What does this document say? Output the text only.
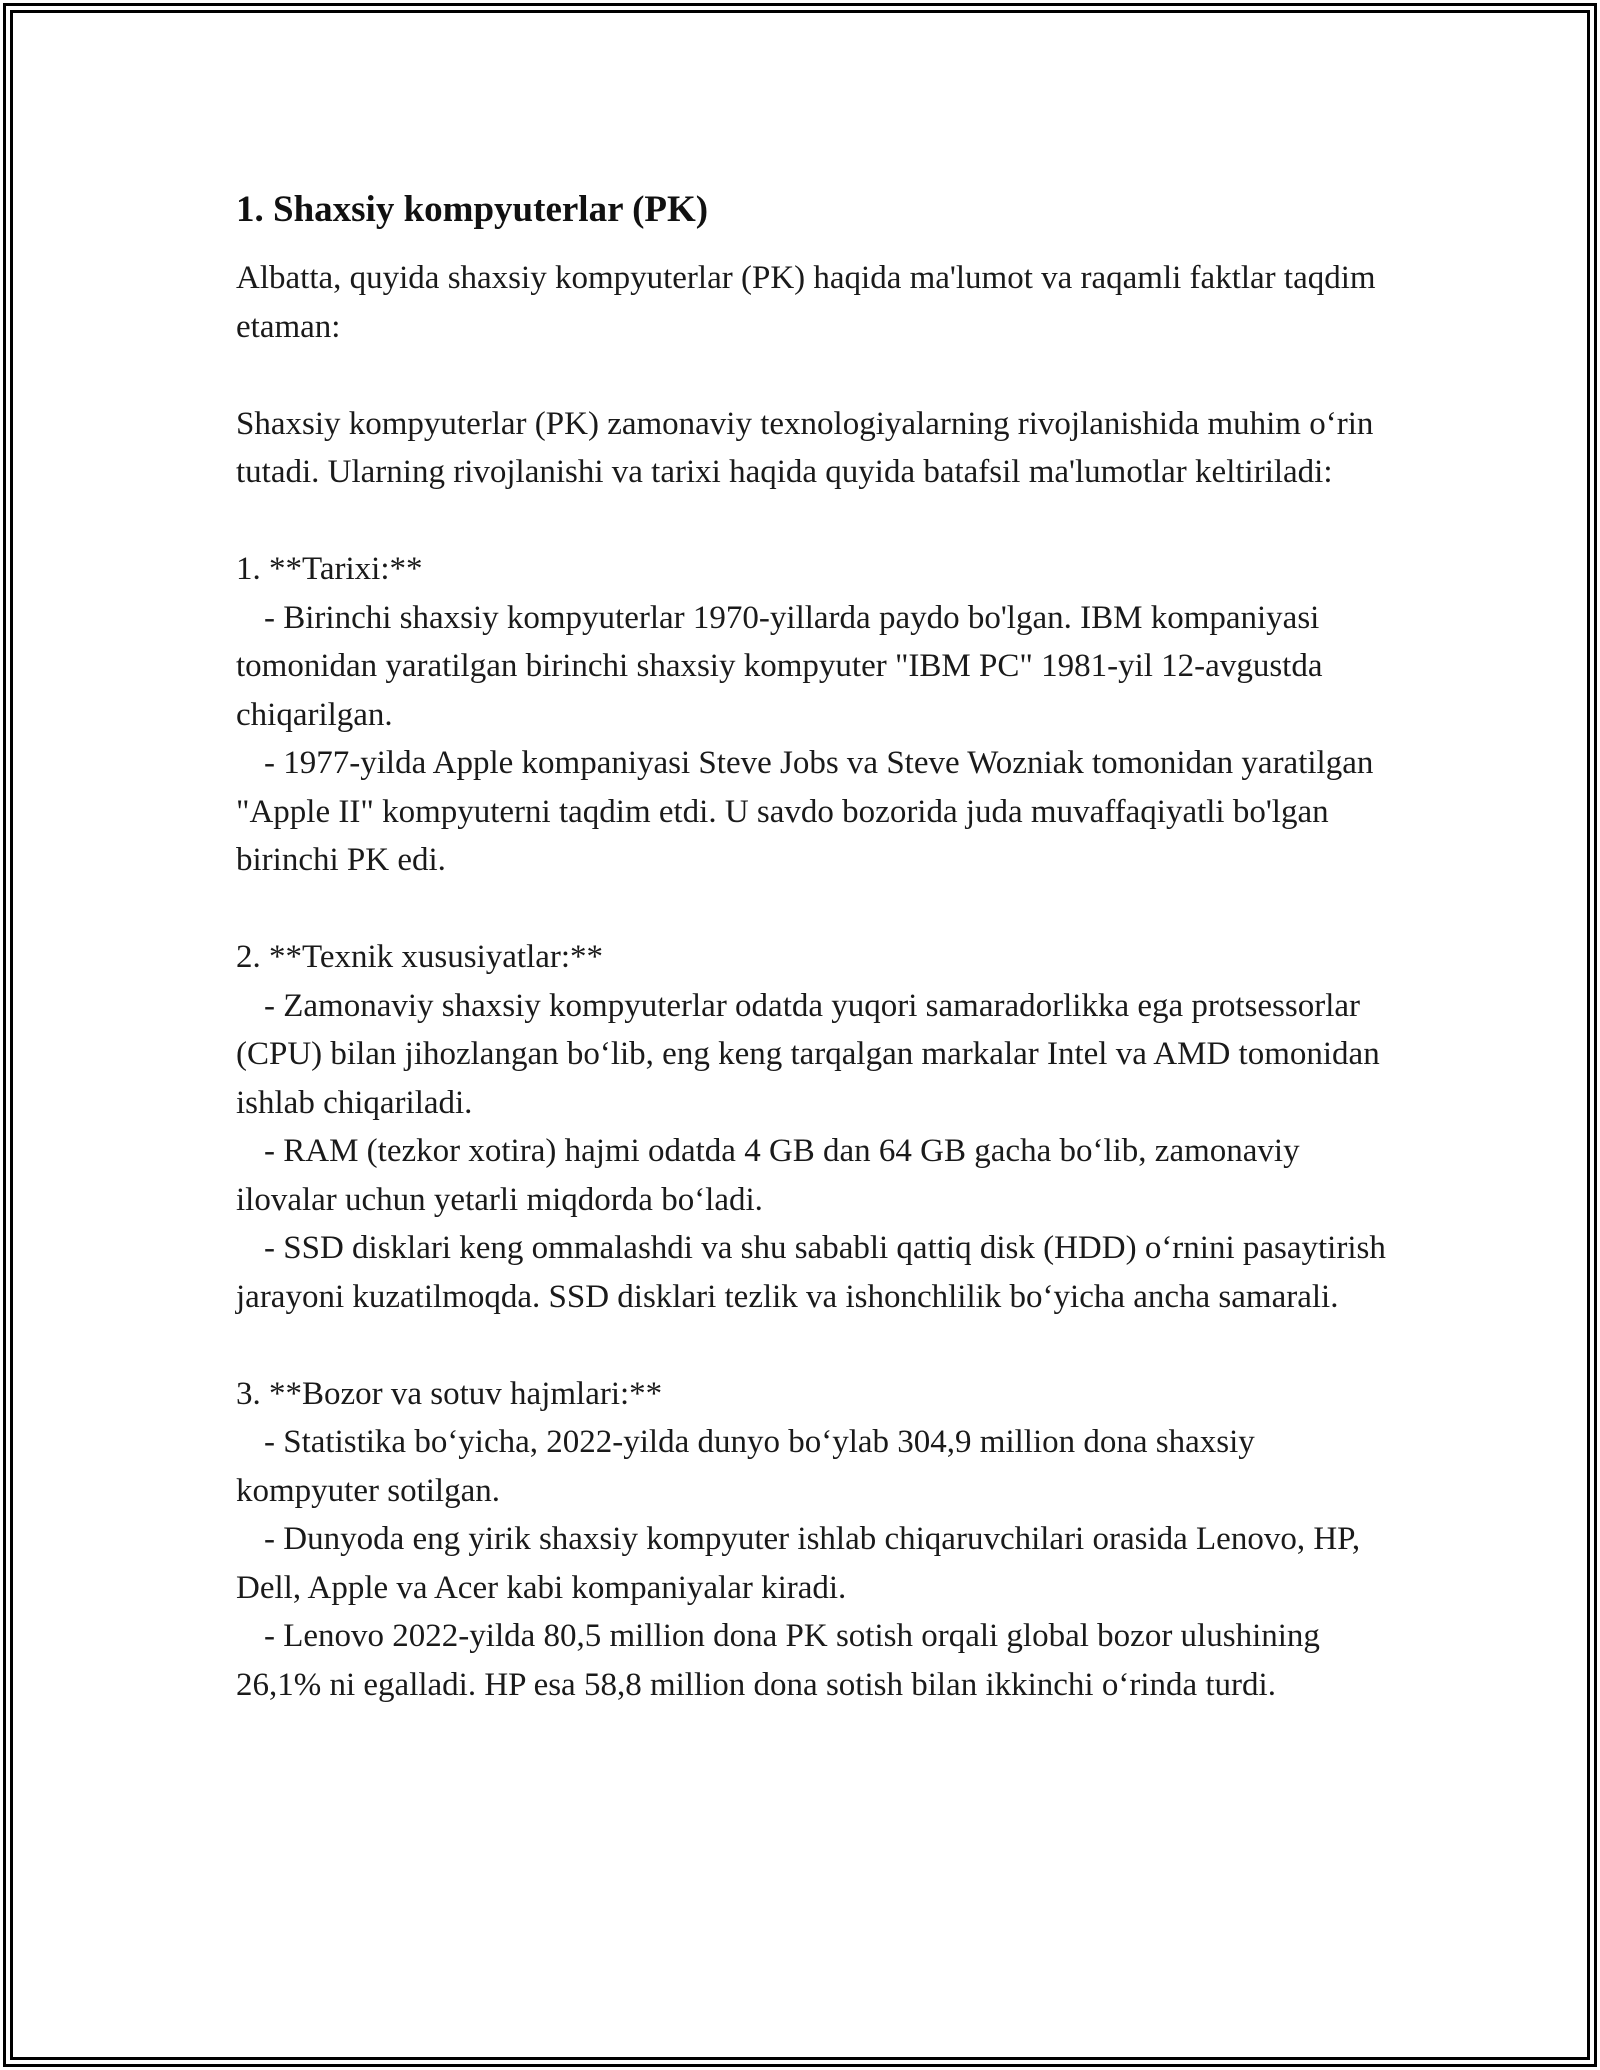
1. Shaxsiy kompyuterlar (PK)

Albatta, quyida shaxsiy kompyuterlar (PK) haqida ma'lumot va raqamli faktlar taqdim etaman:

Shaxsiy kompyuterlar (PK) zamonaviy texnologiyalarning rivojlanishida muhim o‘rin tutadi. Ularning rivojlanishi va tarixi haqida quyida batafsil ma'lumotlar keltiriladi:

1. **Tarixi:**

- Birinchi shaxsiy kompyuterlar 1970-yillarda paydo bo'lgan. IBM kompaniyasi tomonidan yaratilgan birinchi shaxsiy kompyuter "IBM PC" 1981-yil 12-avgustda chiqarilgan.

- 1977-yilda Apple kompaniyasi Steve Jobs va Steve Wozniak tomonidan yaratilgan "Apple II" kompyuterni taqdim etdi. U savdo bozorida juda muvaffaqiyatli bo'lgan birinchi PK edi.

2. **Texnik xususiyatlar:**

- Zamonaviy shaxsiy kompyuterlar odatda yuqori samaradorlikka ega protsessorlar (CPU) bilan jihozlangan bo‘lib, eng keng tarqalgan markalar Intel va AMD tomonidan ishlab chiqariladi.

- RAM (tezkor xotira) hajmi odatda 4 GB dan 64 GB gacha bo‘lib, zamonaviy ilovalar uchun yetarli miqdorda bo‘ladi.

- SSD disklari keng ommalashdi va shu sababli qattiq disk (HDD) o‘rnini pasaytirish jarayoni kuzatilmoqda. SSD disklari tezlik va ishonchlilik bo‘yicha ancha samarali.

3. **Bozor va sotuv hajmlari:**

- Statistika bo‘yicha, 2022-yilda dunyo bo‘ylab 304,9 million dona shaxsiy kompyuter sotilgan.

- Dunyoda eng yirik shaxsiy kompyuter ishlab chiqaruvchilari orasida Lenovo, HP, Dell, Apple va Acer kabi kompaniyalar kiradi.

- Lenovo 2022-yilda 80,5 million dona PK sotish orqali global bozor ulushining 26,1% ni egalladi. HP esa 58,8 million dona sotish bilan ikkinchi o‘rinda turdi.
